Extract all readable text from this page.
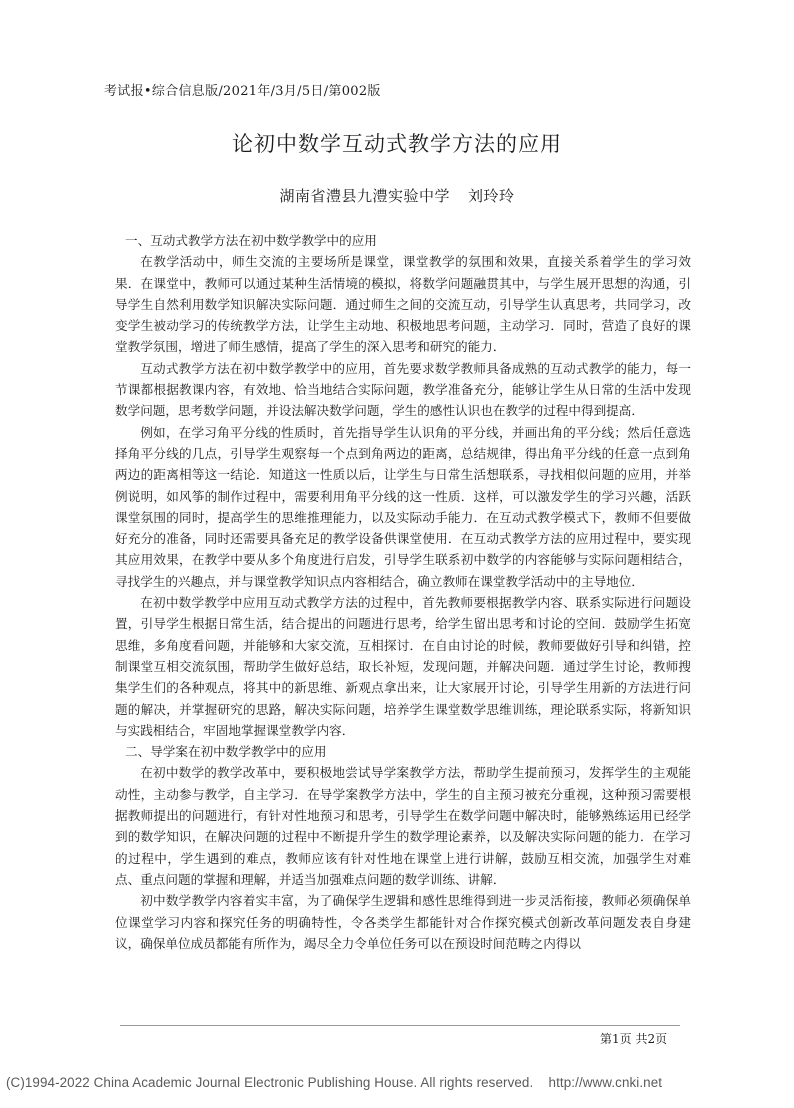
考试报•综合信息版/2021年/3月/5日/第002版
论初中数学互动式教学方法的应用
湖南省澧县九澧实验中学 刘玲玲

一、互动式教学方法在初中数学教学中的应用

在教学活动中，师生交流的主要场所是课堂，课堂教学的氛围和效果，直接关系着学生的学习效果．在课堂中，教师可以通过某种生活情境的模拟，将数学问题融贯其中，与学生展开思想的沟通，引导学生自然利用数学知识解决实际问题．通过师生之间的交流互动，引导学生认真思考，共同学习，改变学生被动学习的传统教学方法，让学生主动地、积极地思考问题，主动学习．同时，营造了良好的课堂教学氛围，增进了师生感情，提高了学生的深入思考和研究的能力．

互动式教学方法在初中数学教学中的应用，首先要求数学教师具备成熟的互动式教学的能力，每一节课都根据教课内容，有效地、恰当地结合实际问题，教学准备充分，能够让学生从日常的生活中发现数学问题，思考数学问题，并设法解决数学问题，学生的感性认识也在教学的过程中得到提高．

例如，在学习角平分线的性质时，首先指导学生认识角的平分线，并画出角的平分线；然后任意选择角平分线的几点，引导学生观察每一个点到角两边的距离，总结规律，得出角平分线的任意一点到角两边的距离相等这一结论．知道这一性质以后，让学生与日常生活想联系，寻找相似问题的应用，并举例说明，如风筝的制作过程中，需要利用角平分线的这一性质．这样，可以激发学生的学习兴趣，活跃课堂氛围的同时，提高学生的思维推理能力，以及实际动手能力．在互动式教学模式下，教师不但要做好充分的准备，同时还需要具备充足的教学设备供课堂使用．在互动式教学方法的应用过程中，要实现其应用效果，在教学中要从多个角度进行启发，引导学生联系初中数学的内容能够与实际问题相结合，寻找学生的兴趣点，并与课堂教学知识点内容相结合，确立教师在课堂教学活动中的主导地位．

在初中数学教学中应用互动式教学方法的过程中，首先教师要根据教学内容、联系实际进行问题设置，引导学生根据日常生活，结合提出的问题进行思考，给学生留出思考和讨论的空间．鼓励学生拓宽思维，多角度看问题，并能够和大家交流，互相探讨．在自由讨论的时候，教师要做好引导和纠错，控制课堂互相交流氛围，帮助学生做好总结，取长补短，发现问题，并解决问题．通过学生讨论，教师搜集学生们的各种观点，将其中的新思维、新观点拿出来，让大家展开讨论，引导学生用新的方法进行问题的解决，并掌握研究的思路，解决实际问题，培养学生课堂数学思维训练，理论联系实际，将新知识与实践相结合，牢固地掌握课堂教学内容．

二、导学案在初中数学教学中的应用

在初中数学的教学改革中，要积极地尝试导学案教学方法，帮助学生提前预习，发挥学生的主观能动性，主动参与教学，自主学习．在导学案教学方法中，学生的自主预习被充分重视，这种预习需要根据教师提出的问题进行，有针对性地预习和思考，引导学生在数学问题中解决时，能够熟练运用已经学到的数学知识，在解决问题的过程中不断提升学生的数学理论素养，以及解决实际问题的能力．在学习的过程中，学生遇到的难点，教师应该有针对性地在课堂上进行讲解，鼓励互相交流，加强学生对难点、重点问题的掌握和理解，并适当加强难点问题的数学训练、讲解．

初中数学教学内容着实丰富，为了确保学生逻辑和感性思维得到进一步灵活衔接，教师必须确保单位课堂学习内容和探究任务的明确特性，令各类学生都能针对合作探究模式创新改革问题发表自身建议，确保单位成员都能有所作为，竭尽全力令单位任务可以在预设时间范畴之内得以

第1页 共2页
(C)1994-2022 China Academic Journal Electronic Publishing House. All rights reserved.    http://www.cnki.net
